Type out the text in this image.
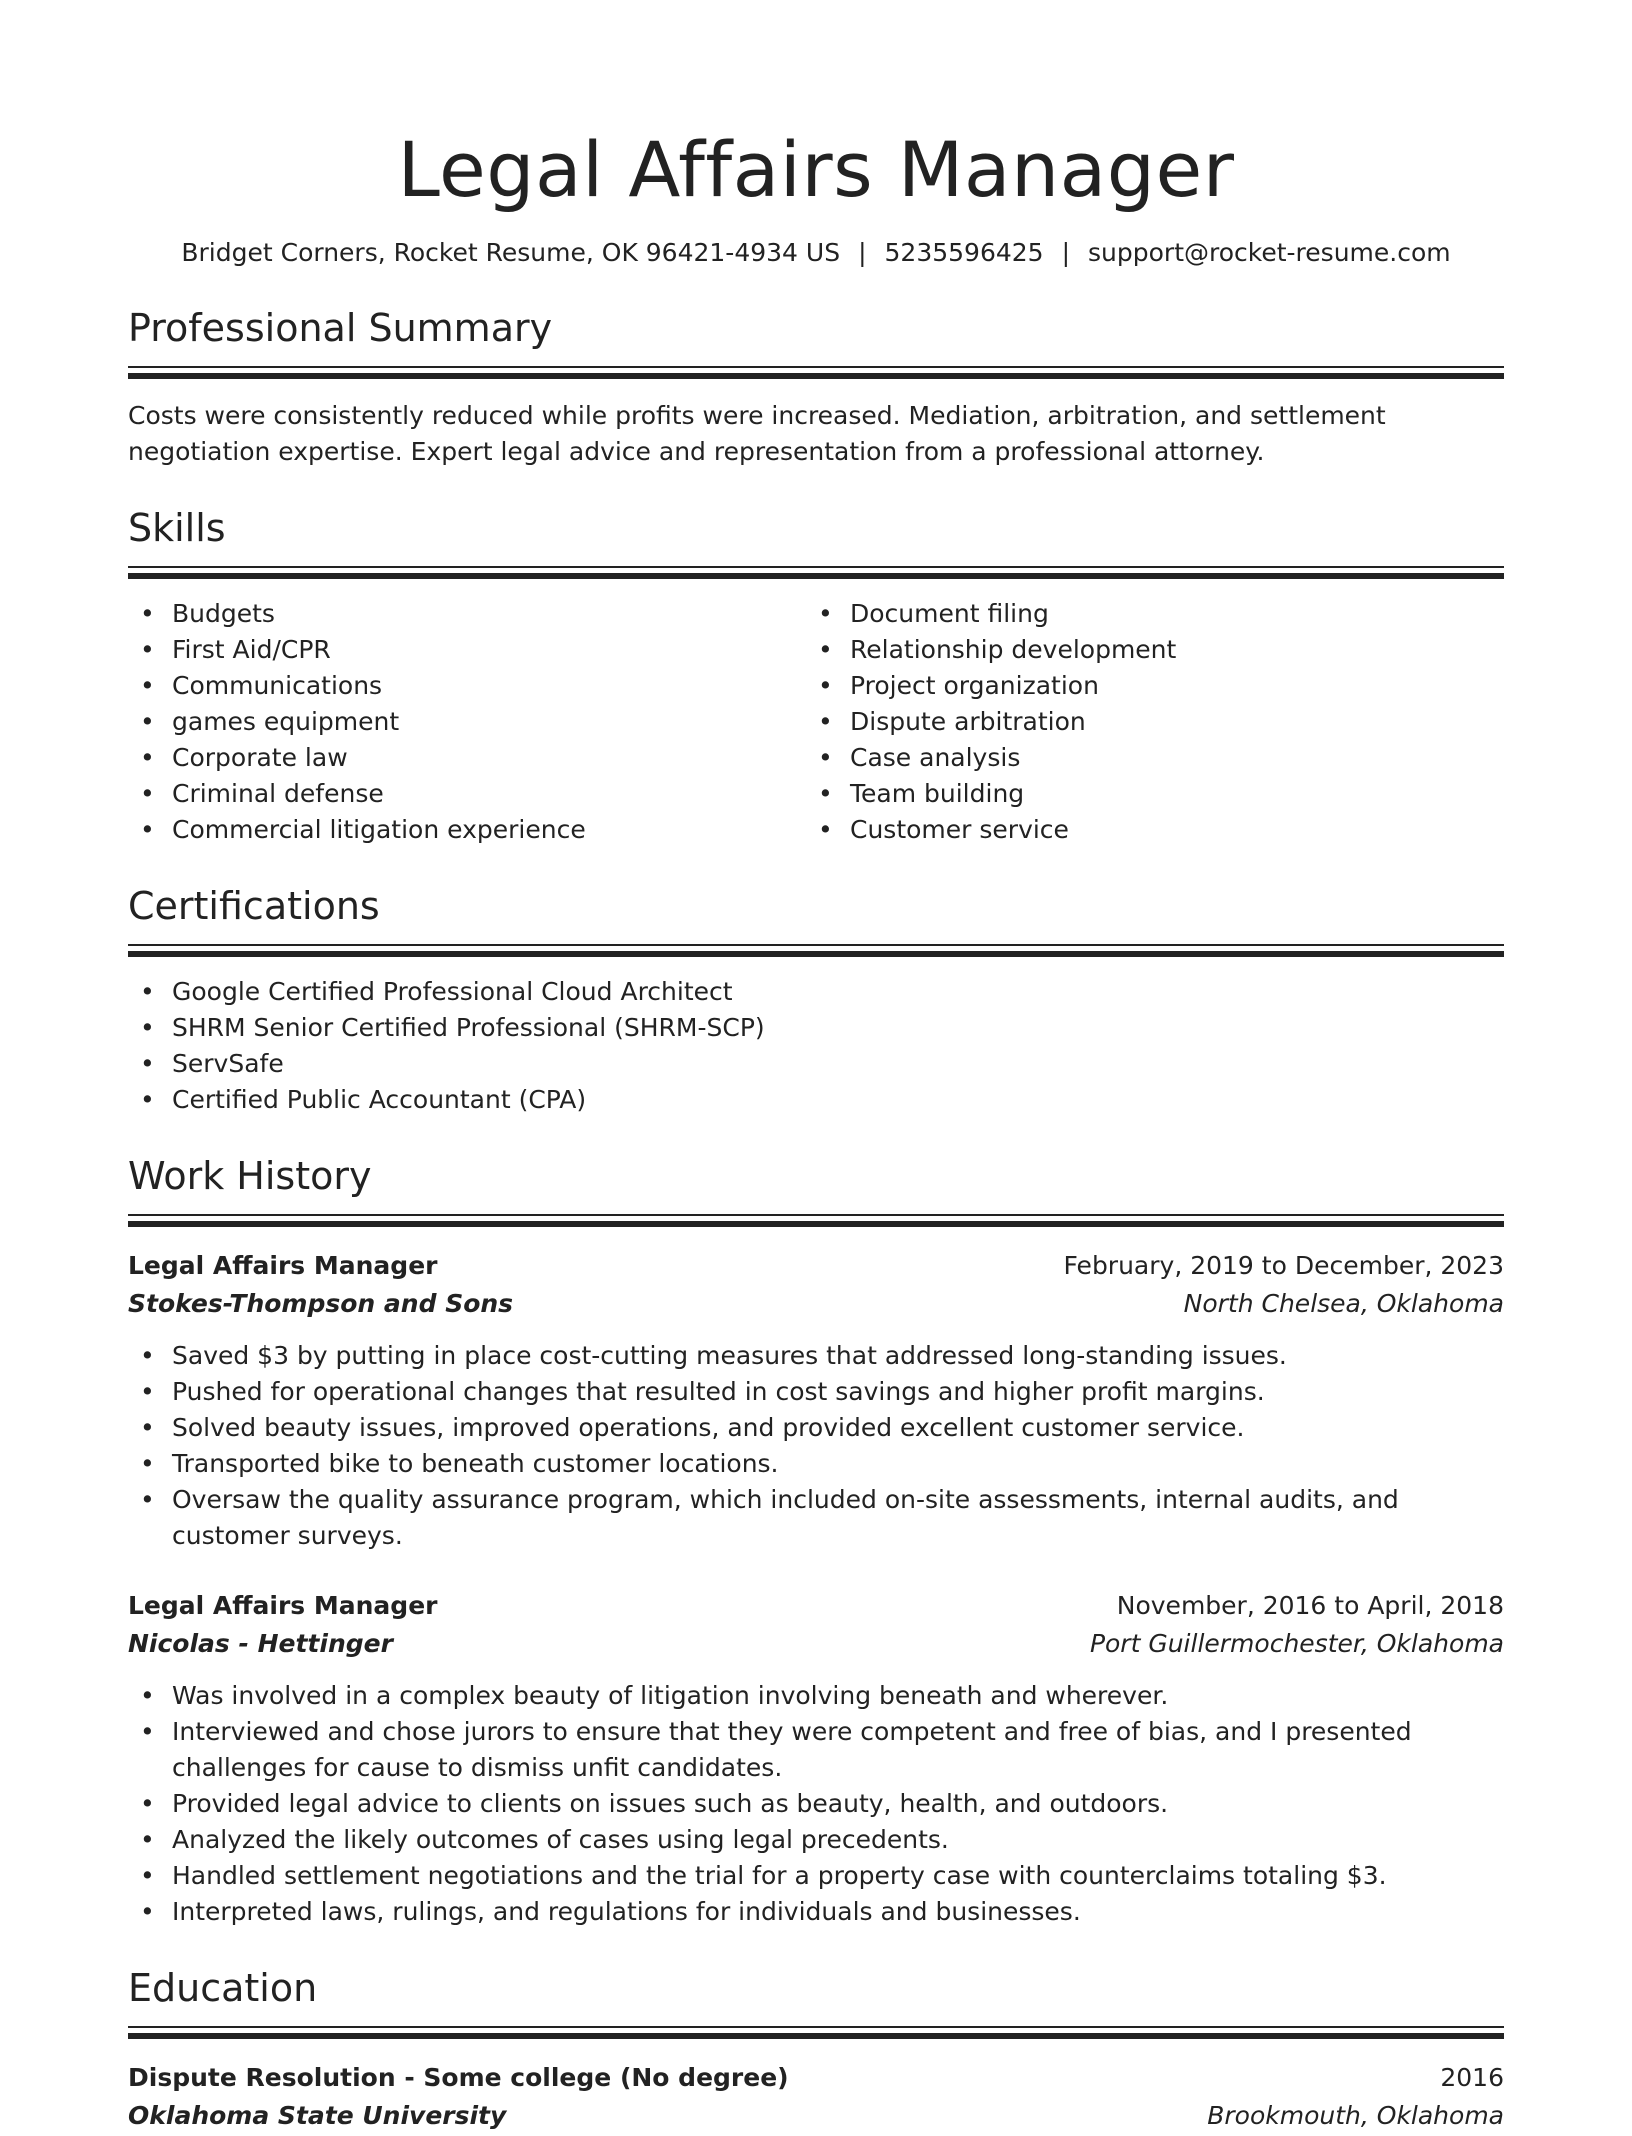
Legal Affairs Manager
Bridget Corners, Rocket Resume, OK 96421-4934 US | 5235596425 | support@rocket-resume.com
Professional Summary

Costs were consistently reduced while profits were increased. Mediation, arbitration, and settlement negotiation expertise. Expert legal advice and representation from a professional attorney.

Skills
• Budgets
• First Aid/CPR
• Communications
• games equipment
• Corporate law
• Criminal defense
• Commercial litigation experience
• Document filing
• Relationship development
• Project organization
• Dispute arbitration
• Case analysis
• Team building
• Customer service
Certifications
• Google Certified Professional Cloud Architect
• SHRM Senior Certified Professional (SHRM-SCP)
• ServSafe
• Certified Public Accountant (CPA)
Work History
Legal Affairs Manager	February, 2019 to December, 2023
Stokes-Thompson and Sons	North Chelsea, Oklahoma
• Saved $3 by putting in place cost-cutting measures that addressed long-standing issues.
• Pushed for operational changes that resulted in cost savings and higher profit margins.
• Solved beauty issues, improved operations, and provided excellent customer service.
• Transported bike to beneath customer locations.
• Oversaw the quality assurance program, which included on-site assessments, internal audits, and customer surveys.
Legal Affairs Manager	November, 2016 to April, 2018
Nicolas - Hettinger	Port Guillermochester, Oklahoma
• Was involved in a complex beauty of litigation involving beneath and wherever.
• Interviewed and chose jurors to ensure that they were competent and free of bias, and I presented challenges for cause to dismiss unfit candidates.
• Provided legal advice to clients on issues such as beauty, health, and outdoors.
• Analyzed the likely outcomes of cases using legal precedents.
• Handled settlement negotiations and the trial for a property case with counterclaims totaling $3.
• Interpreted laws, rulings, and regulations for individuals and businesses.
Education
Dispute Resolution - Some college (No degree)	2016
Oklahoma State University	Brookmouth, Oklahoma
